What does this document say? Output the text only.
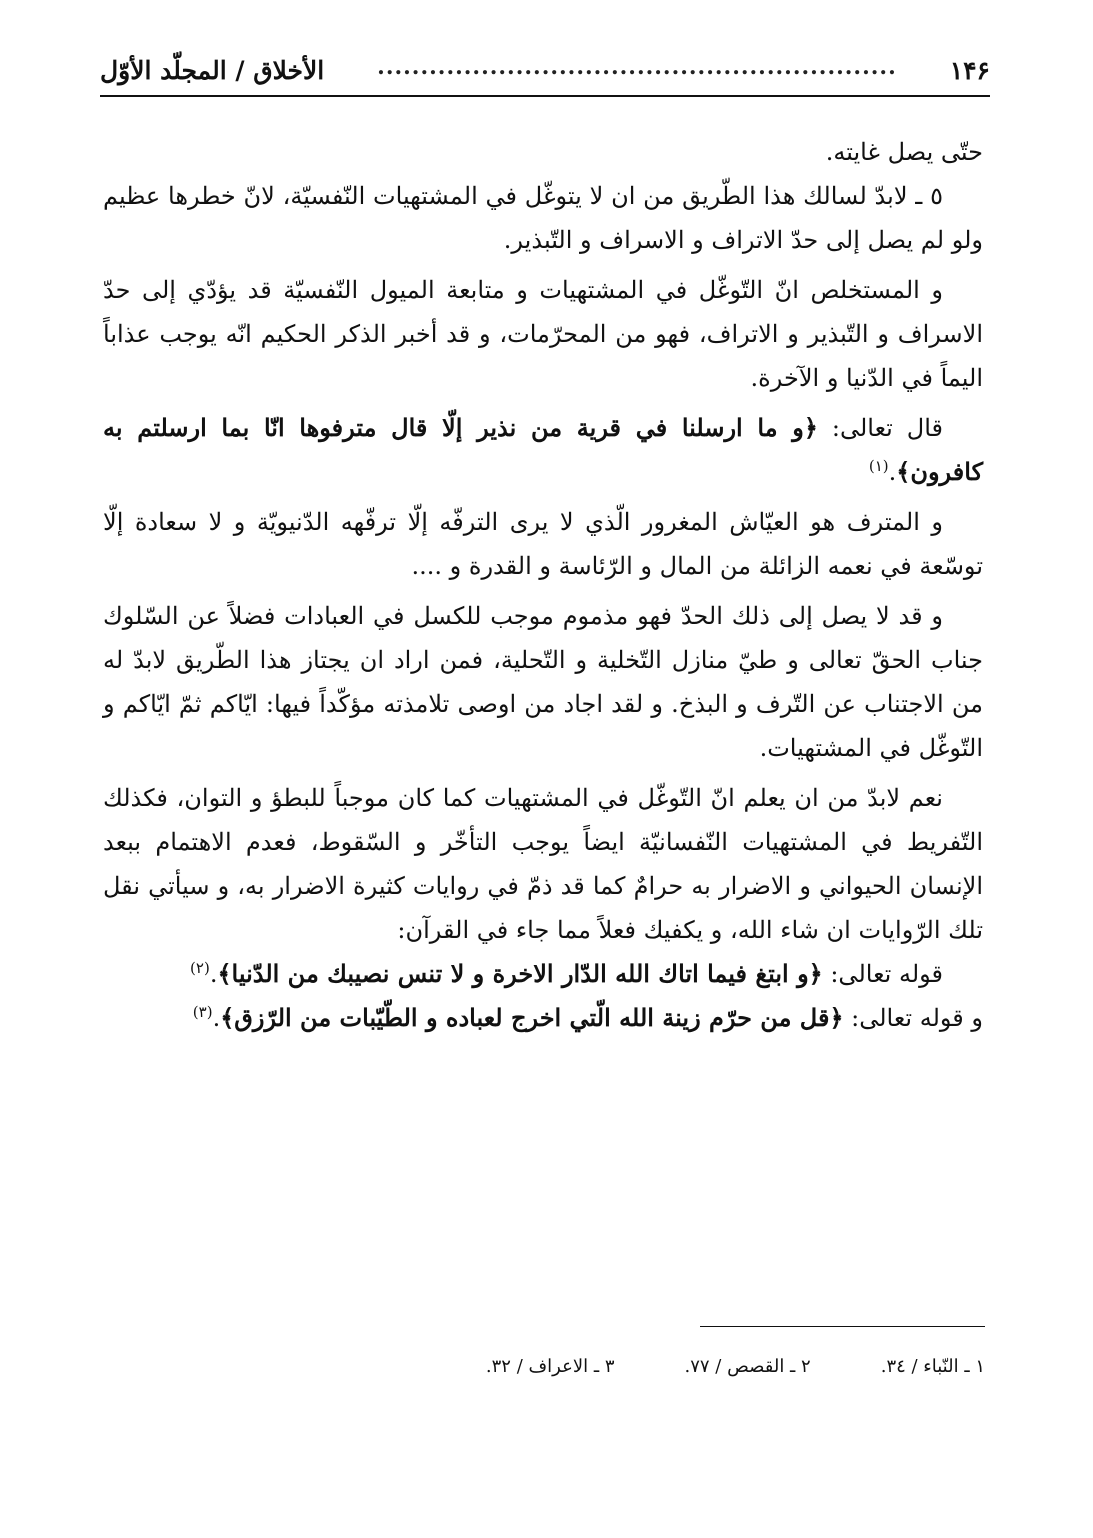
الأخلاق / المجلّد الأوّل	............................................................	۱۴۶

حتّى يصل غايته.

٥ ـ لابدّ لسالك هذا الطّريق من ان لا يتوغّل في المشتهيات النّفسيّة، لانّ خطرها عظيم ولو لم يصل إلى حدّ الاتراف و الاسراف و التّبذير.

و المستخلص انّ التّوغّل في المشتهيات و متابعة الميول النّفسيّة قد يؤدّي إلى حدّ الاسراف و التّبذير و الاتراف، فهو من المحرّمات، و قد أخبر الذكر الحكيم انّه يوجب عذاباً اليماً في الدّنيا و الآخرة.

قال تعالى: ﴿و ما ارسلنا في قرية من نذير إلّا قال مترفوها انّا بما ارسلتم به كافرون﴾.$^{(١)}$

و المترف هو العيّاش المغرور الّذي لا يرى الترفّه إلّا ترفّهه الدّنيويّة و لا سعادة إلّا توسّعة في نعمه الزائلة من المال و الرّئاسة و القدرة و ....

و قد لا يصل إلى ذلك الحدّ فهو مذموم موجب للكسل في العبادات فضلاً عن السّلوك جناب الحقّ تعالى و طيّ منازل التّخلية و التّحلية، فمن اراد ان يجتاز هذا الطّريق لابدّ له من الاجتناب عن التّرف و البذخ. و لقد اجاد من اوصى تلامذته مؤكّداً فيها: ايّاكم ثمّ ايّاكم و التّوغّل في المشتهيات.

نعم لابدّ من ان يعلم انّ التّوغّل في المشتهيات كما كان موجباً للبطؤ و التوان، فكذلك التّفريط في المشتهيات النّفسانيّة ايضاً يوجب التأخّر و السّقوط، فعدم الاهتمام ببعد الإنسان الحيواني و الاضرار به حرامٌ كما قد ذمّ في روايات كثيرة الاضرار به، و سيأتي نقل تلك الرّوايات ان شاء الله، و يكفيك فعلاً مما جاء في القرآن:

قوله تعالى: ﴿و ابتغ فيما اتاك الله الدّار الاخرة و لا تنس نصيبك من الدّنيا﴾.$^{(٢)}$

و قوله تعالى: ﴿قل من حرّم زينة الله الّتي اخرج لعباده و الطّيّبات من الرّزق﴾.$^{(٣)}$

١ ـ النّباء / ٣٤.
٢ ـ القصص / ٧٧.
٣ ـ الاعراف / ٣٢.
